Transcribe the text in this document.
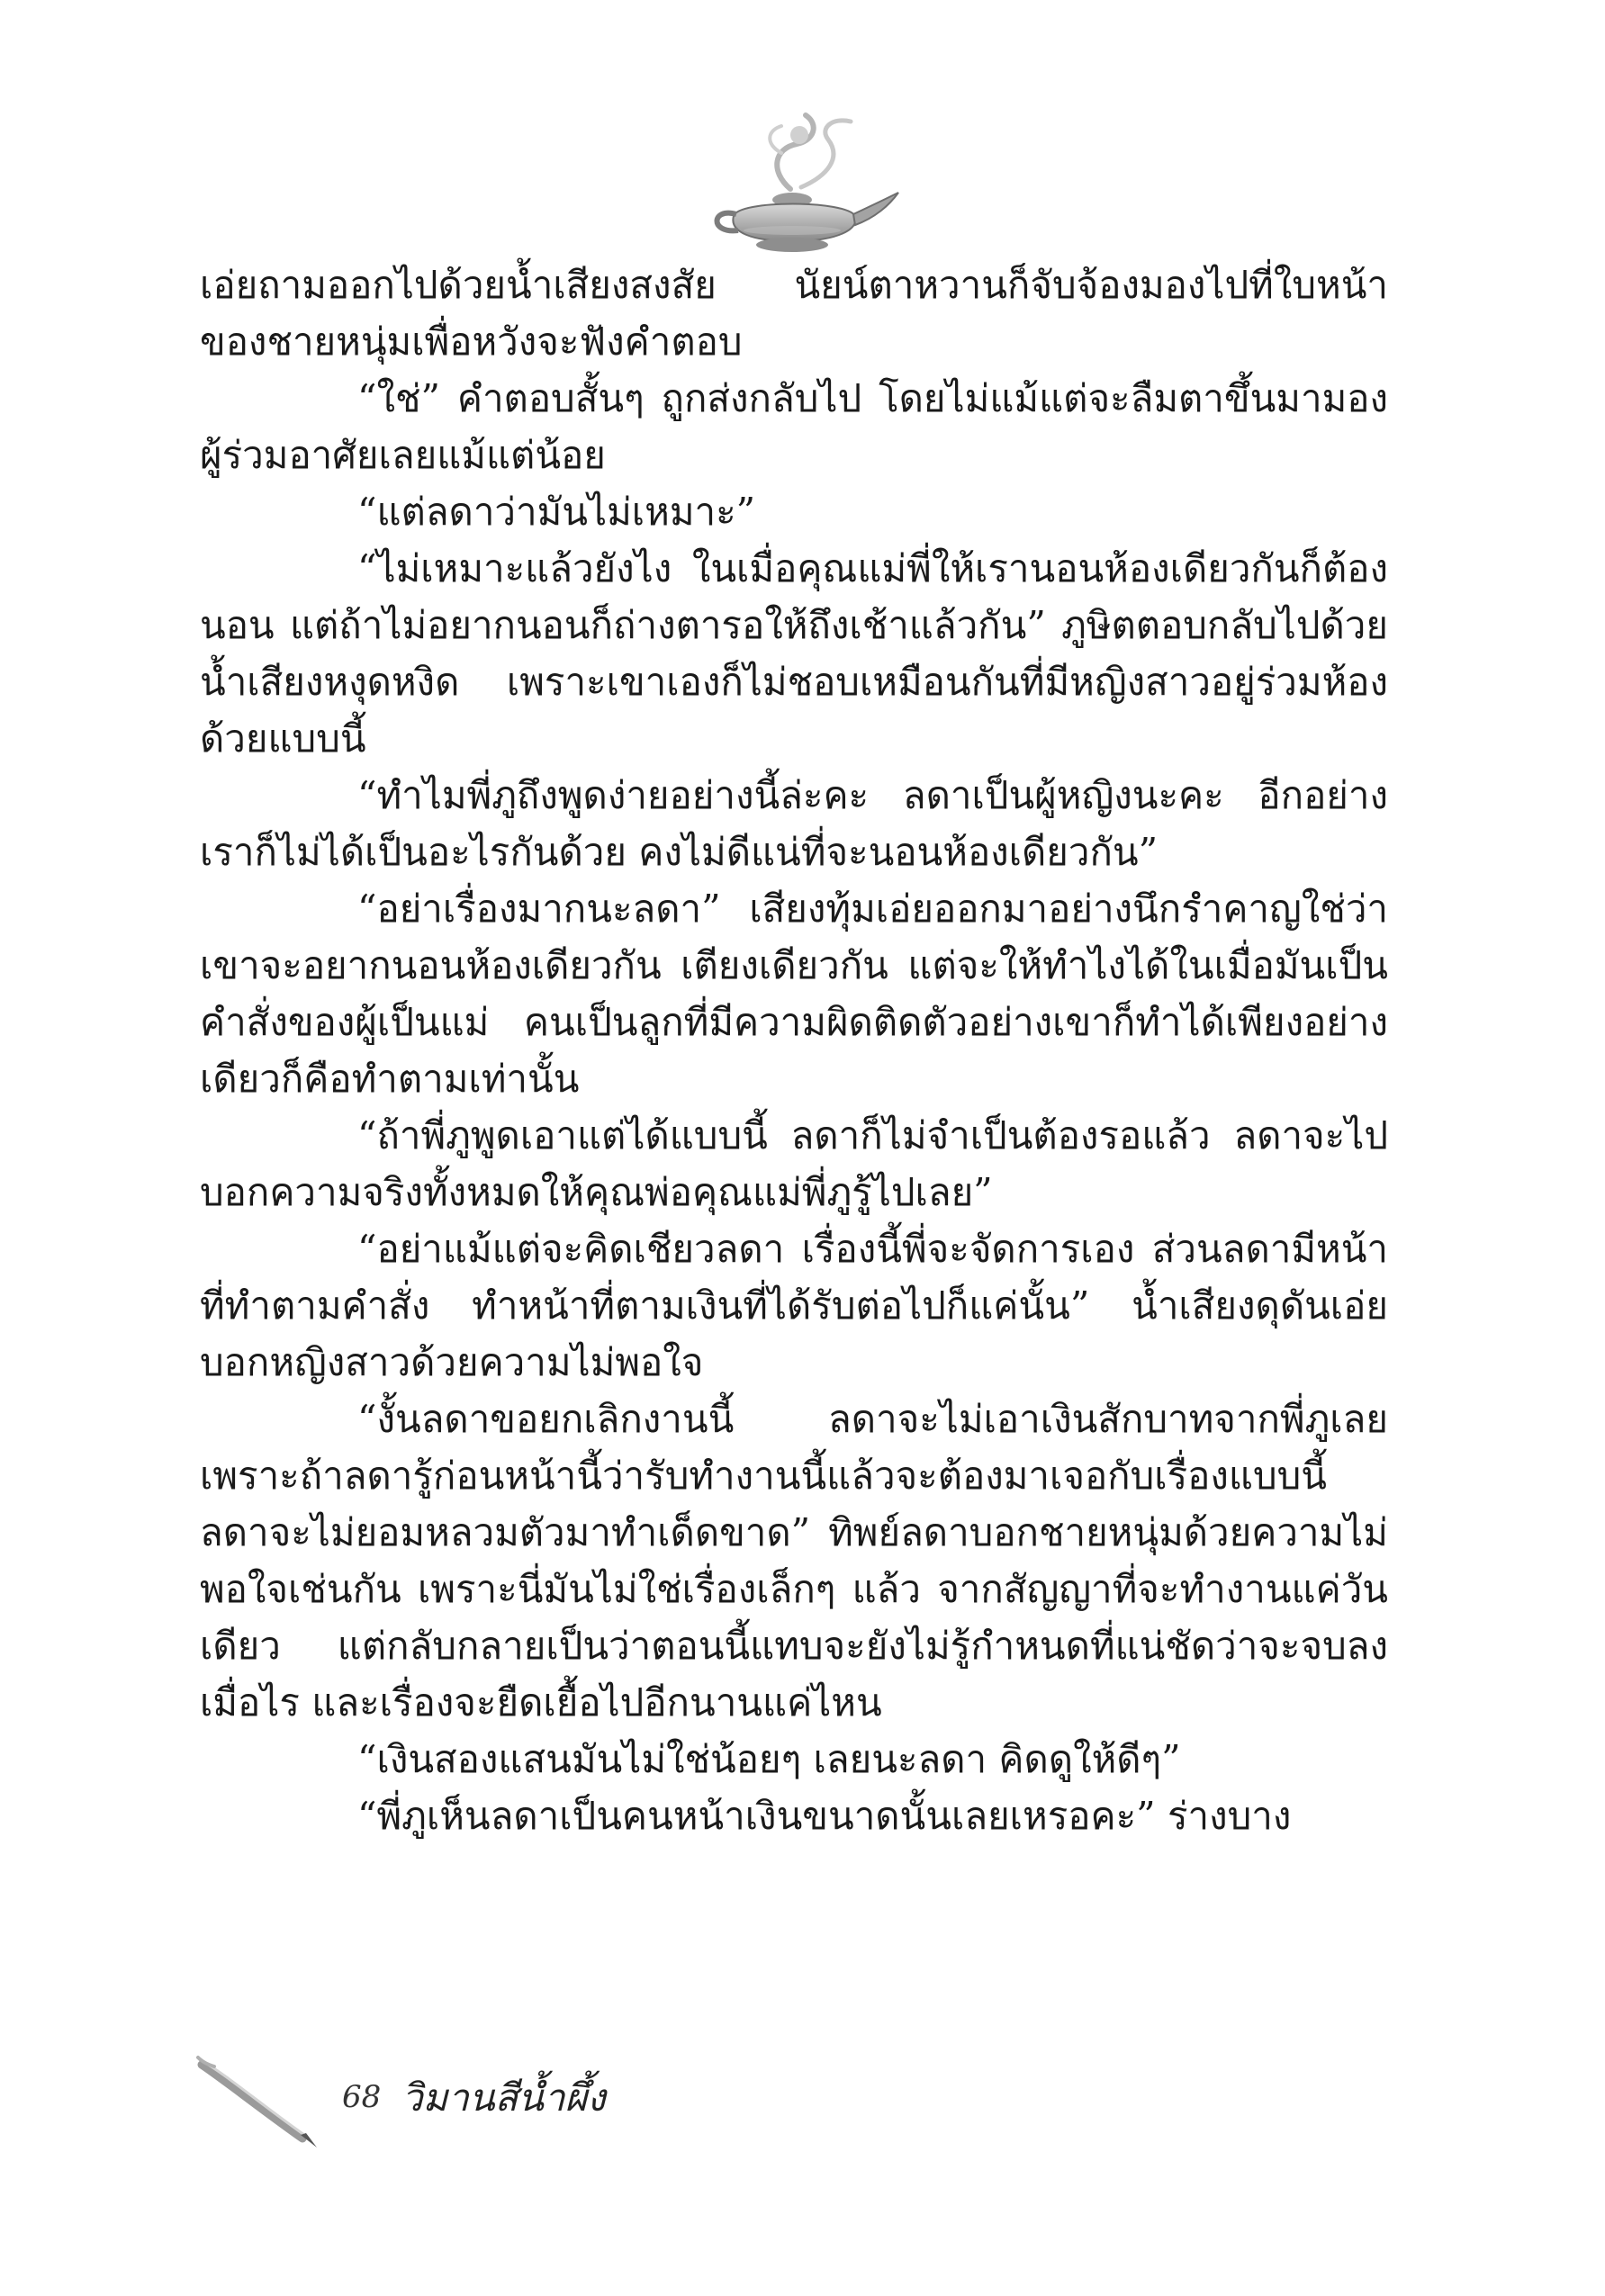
เอ่ยถามออกไปด้วยน้ำเสียงสงสัย นัยน์ตาหวานก็จับจ้องมองไปที่ใบหน้าของชายหนุ่มเพื่อหวังจะฟังคำตอบ

“ใช่” คำตอบสั้นๆ ถูกส่งกลับไป โดยไม่แม้แต่จะลืมตาขึ้นมามองผู้ร่วมอาศัยเลยแม้แต่น้อย

“แต่ลดาว่ามันไม่เหมาะ”

“ไม่เหมาะแล้วยังไง ในเมื่อคุณแม่พี่ให้เรานอนห้องเดียวกันก็ต้องนอน แต่ถ้าไม่อยากนอนก็ถ่างตารอให้ถึงเช้าแล้วกัน” ภูษิตตอบกลับไปด้วยน้ำเสียงหงุดหงิด เพราะเขาเองก็ไม่ชอบเหมือนกันที่มีหญิงสาวอยู่ร่วมห้องด้วยแบบนี้

“ทำไมพี่ภูถึงพูดง่ายอย่างนี้ล่ะคะ ลดาเป็นผู้หญิงนะคะ อีกอย่างเราก็ไม่ได้เป็นอะไรกันด้วย คงไม่ดีแน่ที่จะนอนห้องเดียวกัน”

“อย่าเรื่องมากนะลดา” เสียงทุ้มเอ่ยออกมาอย่างนึกรำคาญใช่ว่าเขาจะอยากนอนห้องเดียวกัน เตียงเดียวกัน แต่จะให้ทำไงได้ในเมื่อมันเป็นคำสั่งของผู้เป็นแม่ คนเป็นลูกที่มีความผิดติดตัวอย่างเขาก็ทำได้เพียงอย่างเดียวก็คือทำตามเท่านั้น

“ถ้าพี่ภูพูดเอาแต่ได้แบบนี้ ลดาก็ไม่จำเป็นต้องรอแล้ว ลดาจะไปบอกความจริงทั้งหมดให้คุณพ่อคุณแม่พี่ภูรู้ไปเลย”

“อย่าแม้แต่จะคิดเชียวลดา เรื่องนี้พี่จะจัดการเอง ส่วนลดามีหน้าที่ทำตามคำสั่ง ทำหน้าที่ตามเงินที่ได้รับต่อไปก็แค่นั้น” น้ำเสียงดุดันเอ่ยบอกหญิงสาวด้วยความไม่พอใจ

“งั้นลดาขอยกเลิกงานนี้ ลดาจะไม่เอาเงินสักบาทจากพี่ภูเลยเพราะถ้าลดารู้ก่อนหน้านี้ว่ารับทำงานนี้แล้วจะต้องมาเจอกับเรื่องแบบนี้ลดาจะไม่ยอมหลวมตัวมาทำเด็ดขาด” ทิพย์ลดาบอกชายหนุ่มด้วยความไม่พอใจเช่นกัน เพราะนี่มันไม่ใช่เรื่องเล็กๆ แล้ว จากสัญญาที่จะทำงานแค่วันเดียว แต่กลับกลายเป็นว่าตอนนี้แทบจะยังไม่รู้กำหนดที่แน่ชัดว่าจะจบลงเมื่อไร และเรื่องจะยืดเยื้อไปอีกนานแค่ไหน

“เงินสองแสนมันไม่ใช่น้อยๆ เลยนะลดา คิดดูให้ดีๆ”

“พี่ภูเห็นลดาเป็นคนหน้าเงินขนาดนั้นเลยเหรอคะ” ร่างบาง

68 วิมานสีน้ำผึ้ง
